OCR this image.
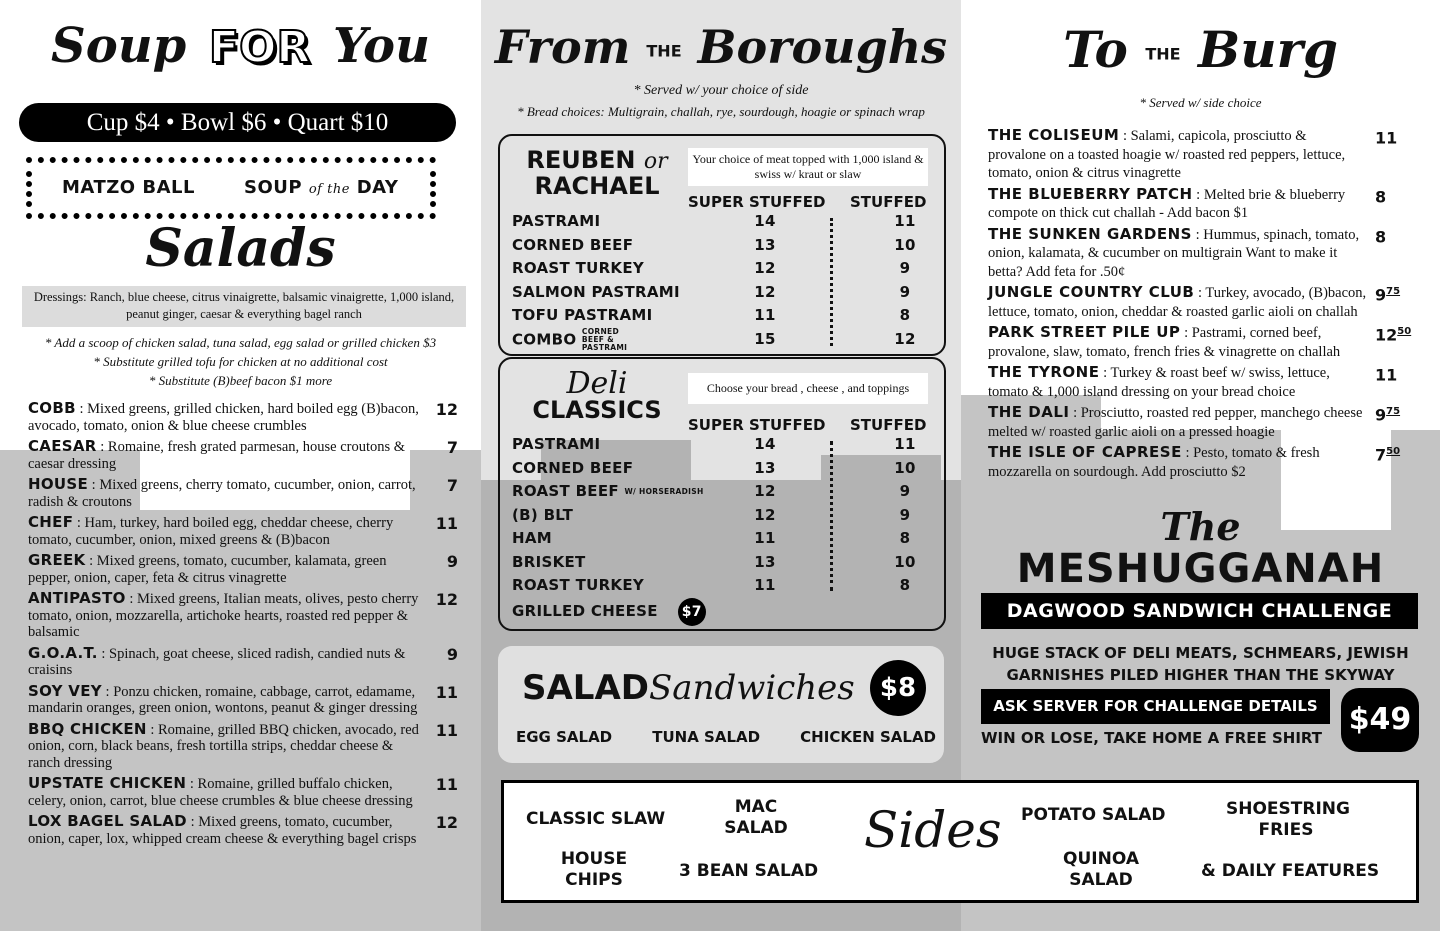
Soup FOR You
Cup $4 • Bowl $6 • Quart $10
MATZO BALL	SOUP of the DAY
Salads
Dressings: Ranch, blue cheese, citrus vinaigrette, balsamic vinaigrette, 1,000 island, peanut ginger, caesar & everything bagel ranch
* Add a scoop of chicken salad, tuna salad, egg salad or grilled chicken $3
* Substitute grilled tofu for chicken at no additional cost
* Substitute (B)beef bacon $1 more
COBB : Mixed greens, grilled chicken, hard boiled egg (B)bacon, avocado, tomato, onion & blue cheese crumbles
12
CAESAR : Romaine, fresh grated parmesan, house croutons & caesar dressing
7
HOUSE : Mixed greens, cherry tomato, cucumber, onion, carrot, radish & croutons
7
CHEF : Ham, turkey, hard boiled egg, cheddar cheese, cherry tomato, cucumber, onion, mixed greens & (B)bacon
11
GREEK : Mixed greens, tomato, cucumber, kalamata, green pepper, onion, caper, feta & citrus vinagrette
9
ANTIPASTO : Mixed greens, Italian meats, olives, pesto cherry tomato, onion, mozzarella, artichoke hearts, roasted red pepper & balsamic
12
G.O.A.T. : Spinach, goat cheese, sliced radish, candied nuts & craisins
9
SOY VEY : Ponzu chicken, romaine, cabbage, carrot, edamame, mandarin oranges, green onion, wontons, peanut & ginger dressing
11
BBQ CHICKEN : Romaine, grilled BBQ chicken, avocado, red onion, corn, black beans, fresh tortilla strips, cheddar cheese & ranch dressing
11
UPSTATE CHICKEN : Romaine, grilled buffalo chicken, celery, onion, carrot, blue cheese crumbles & blue cheese dressing
11
LOX BAGEL SALAD : Mixed greens, tomato, cucumber, onion, caper, lox, whipped cream cheese & everything bagel crisps
12
From THE Boroughs
* Served w/ your choice of side
* Bread choices: Multigrain, challah, rye, sourdough, hoagie or spinach wrap
REUBEN or
RACHAEL
Your choice of meat topped with 1,000 island & swiss w/ kraut or slaw
SUPER STUFFED STUFFED
PASTRAMI	14	11
CORNED BEEF	13	10
ROAST TURKEY	12	9
SALMON PASTRAMI	12	9
TOFU PASTRAMI	11	8
COMBO CORNED BEEF & PASTRAMI	15	12
Deli
CLASSICS
Choose your bread , cheese , and toppings
SUPER STUFFED STUFFED
PASTRAMI	14	11
CORNED BEEF	13	10
ROAST BEEF W/ HORSERADISH	12	9
(B) BLT	12	9
HAM	11	8
BRISKET	13	10
ROAST TURKEY	11	8
GRILLED CHEESE $7
SALADSandwiches $8
EGG SALAD	TUNA SALAD	CHICKEN SALAD
To THE Burg
* Served w/ side choice
THE COLISEUM : Salami, capicola, prosciutto & provalone on a toasted hoagie w/ roasted red peppers, lettuce, tomato, onion & citrus vinagrette
11
THE BLUEBERRY PATCH : Melted brie & blueberry compote on thick cut challah - Add bacon $1
8
THE SUNKEN GARDENS : Hummus, spinach, tomato, onion, kalamata, & cucumber on multigrain Want to make it betta? Add feta for .50¢
8
JUNGLE COUNTRY CLUB : Turkey, avocado, (B)bacon, lettuce, tomato, onion, cheddar & roasted garlic aioli on challah
$9^{75}$
PARK STREET PILE UP : Pastrami, corned beef, provalone, slaw, tomato, french fries & vinagrette on challah
$12^{50}$
THE TYRONE : Turkey & roast beef w/ swiss, lettuce, tomato & 1,000 island dressing on your bread choice
11
THE DALI : Prosciutto, roasted red pepper, manchego cheese melted w/ roasted garlic aioli on a pressed hoagie
$9^{75}$
THE ISLE OF CAPRESE : Pesto, tomato & fresh mozzarella on sourdough. Add prosciutto $2
$7^{50}$
The
MESHUGGANAH
DAGWOOD SANDWICH CHALLENGE
HUGE STACK OF DELI MEATS, SCHMEARS, JEWISH GARNISHES PILED HIGHER THAN THE SKYWAY
ASK SERVER FOR CHALLENGE DETAILS
WIN OR LOSE, TAKE HOME A FREE SHIRT
$49
CLASSIC SLAW
MAC SALAD
HOUSE CHIPS	3 BEAN SALAD
Sides POTATO SALAD	SHOESTRING FRIES
QUINOA SALAD	& DAILY FEATURES
